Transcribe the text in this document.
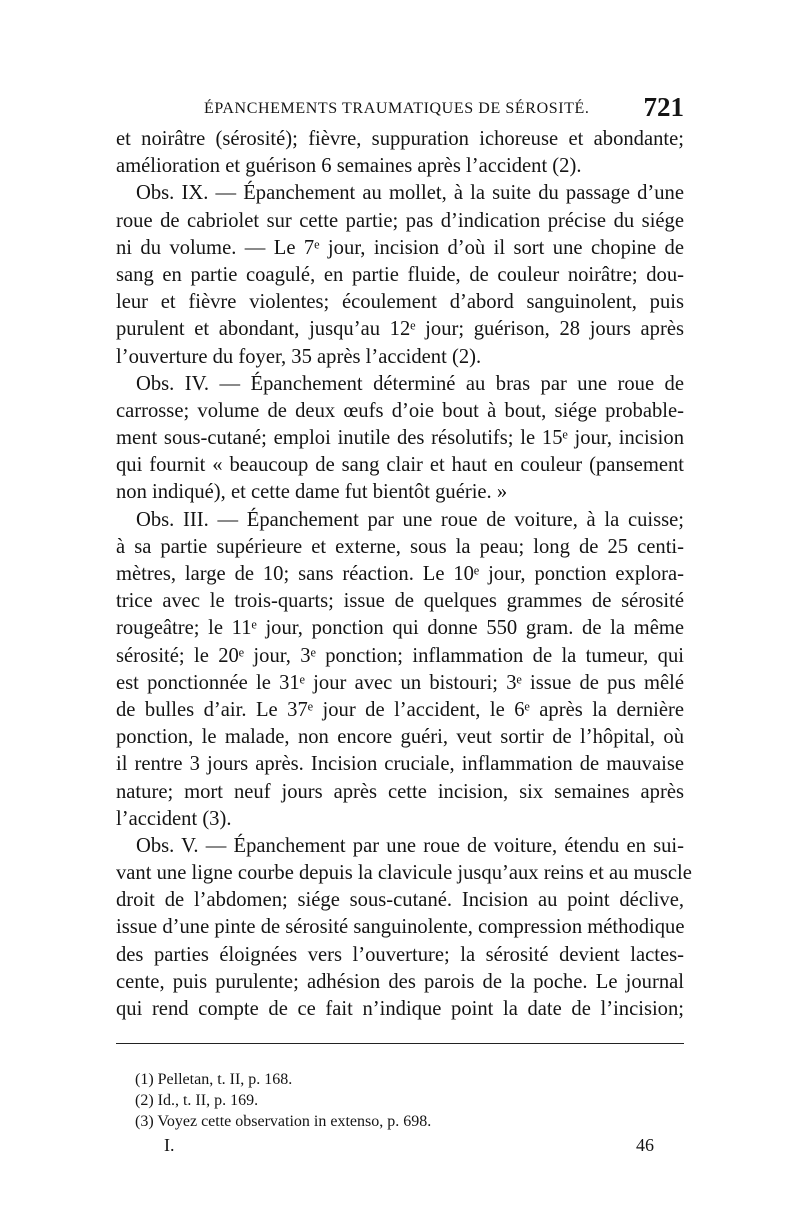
ÉPANCHEMENTS TRAUMATIQUES DE SÉROSITÉ. 721
et noirâtre (sérosité); fièvre, suppuration ichoreuse et abondante;
amélioration et guérison 6 semaines après l’accident (2).
Obs. IX. — Épanchement au mollet, à la suite du passage d’une
roue de cabriolet sur cette partie; pas d’indication précise du siége
ni du volume. — Le 7ᵉ jour, incision d’où il sort une chopine de
sang en partie coagulé, en partie fluide, de couleur noirâtre; dou-
leur et fièvre violentes; écoulement d’abord sanguinolent, puis
purulent et abondant, jusqu’au 12ᵉ jour; guérison, 28 jours après
l’ouverture du foyer, 35 après l’accident (2).
Obs. IV. — Épanchement déterminé au bras par une roue de
carrosse; volume de deux œufs d’oie bout à bout, siége probable-
ment sous-cutané; emploi inutile des résolutifs; le 15ᵉ jour, incision
qui fournit « beaucoup de sang clair et haut en couleur (pansement
non indiqué), et cette dame fut bientôt guérie. »
Obs. III. — Épanchement par une roue de voiture, à la cuisse;
à sa partie supérieure et externe, sous la peau; long de 25 centi-
mètres, large de 10; sans réaction. Le 10ᵉ jour, ponction explora-
trice avec le trois-quarts; issue de quelques grammes de sérosité
rougeâtre; le 11ᵉ jour, ponction qui donne 550 gram. de la même
sérosité; le 20ᵉ jour, 3ᵉ ponction; inflammation de la tumeur, qui
est ponctionnée le 31ᵉ jour avec un bistouri; 3ᵉ issue de pus mêlé
de bulles d’air. Le 37ᵉ jour de l’accident, le 6ᵉ après la dernière
ponction, le malade, non encore guéri, veut sortir de l’hôpital, où
il rentre 3 jours après. Incision cruciale, inflammation de mauvaise
nature; mort neuf jours après cette incision, six semaines après
l’accident (3).
Obs. V. — Épanchement par une roue de voiture, étendu en sui-
vant une ligne courbe depuis la clavicule jusqu’aux reins et au muscle
droit de l’abdomen; siége sous-cutané. Incision au point déclive,
issue d’une pinte de sérosité sanguinolente, compression méthodique
des parties éloignées vers l’ouverture; la sérosité devient lactes-
cente, puis purulente; adhésion des parois de la poche. Le journal
qui rend compte de ce fait n’indique point la date de l’incision;
(1) Pelletan, t. II, p. 168.
(2) Id., t. II, p. 169.
(3) Voyez cette observation in extenso, p. 698.
I.	46
